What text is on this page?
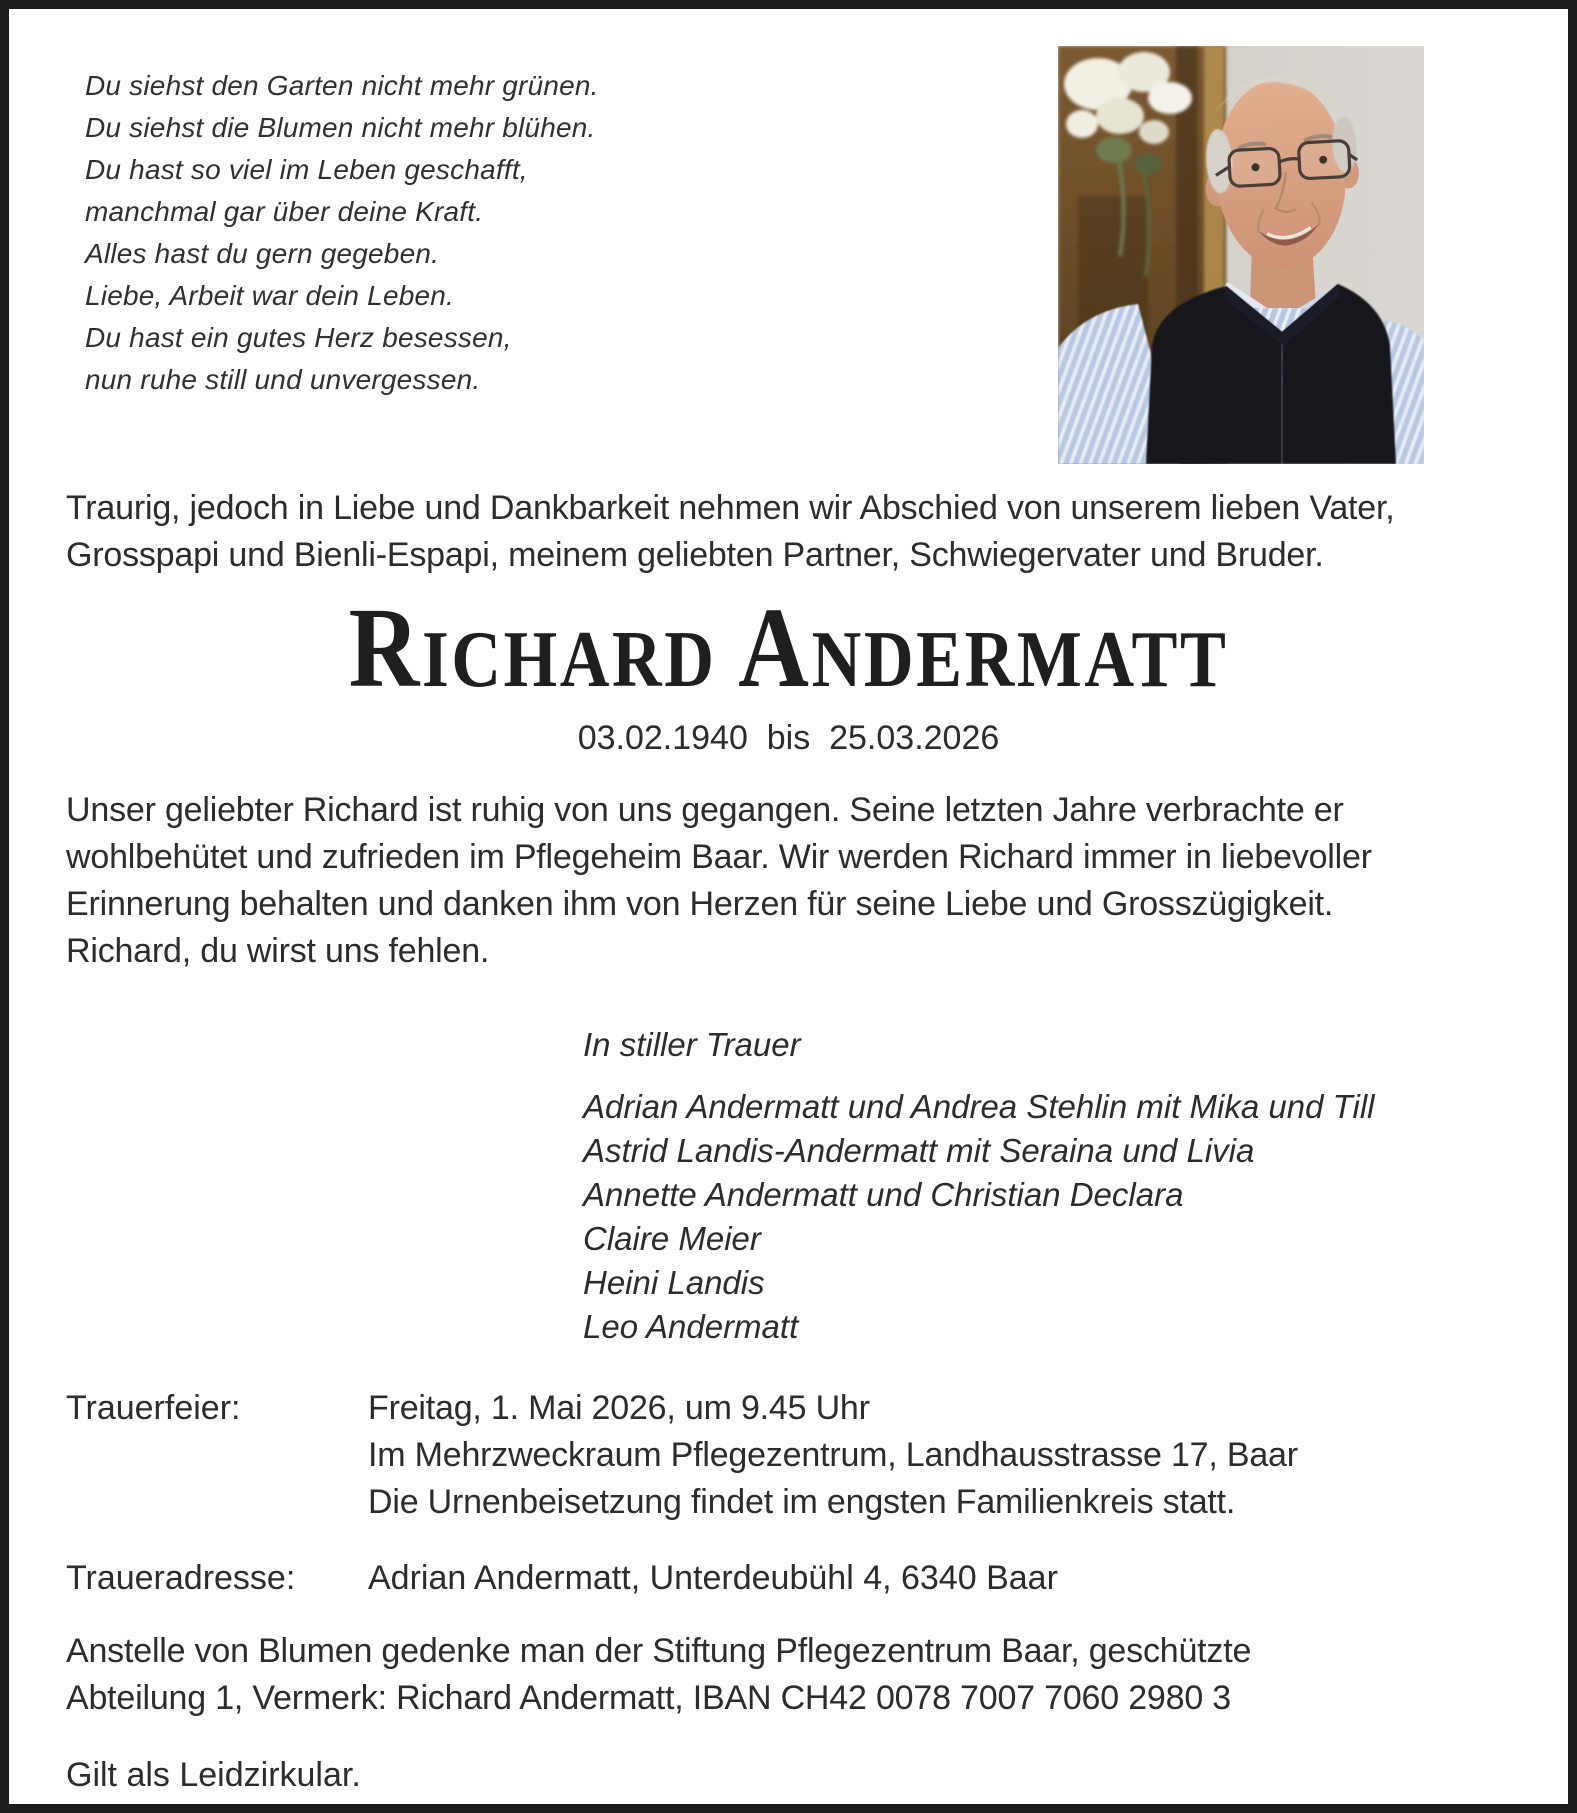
Du siehst den Garten nicht mehr grünen.
Du siehst die Blumen nicht mehr blühen.
Du hast so viel im Leben geschafft,
manchmal gar über deine Kraft.
Alles hast du gern gegeben.
Liebe, Arbeit war dein Leben.
Du hast ein gutes Herz besessen,
nun ruhe still und unvergessen.
Traurig, jedoch in Liebe und Dankbarkeit nehmen wir Abschied von unserem lieben Vater,
Grosspapi und Bienli-Espapi, meinem geliebten Partner, Schwiegervater und Bruder.
Richard Andermatt
03.02.1940  bis  25.03.2026
Unser geliebter Richard ist ruhig von uns gegangen. Seine letzten Jahre verbrachte er
wohlbehütet und zufrieden im Pflegeheim Baar. Wir werden Richard immer in liebevoller
Erinnerung behalten und danken ihm von Herzen für seine Liebe und Grosszügigkeit.
Richard, du wirst uns fehlen.
In stiller Trauer
Adrian Andermatt und Andrea Stehlin mit Mika und Till
Astrid Landis-Andermatt mit Seraina und Livia
Annette Andermatt und Christian Declara
Claire Meier
Heini Landis
Leo Andermatt
Trauerfeier:	Freitag, 1. Mai 2026, um 9.45 Uhr
Im Mehrzweckraum Pflegezentrum, Landhausstrasse 17, Baar
Die Urnenbeisetzung findet im engsten Familienkreis statt.
Traueradresse: Adrian Andermatt, Unterdeubühl 4, 6340 Baar
Anstelle von Blumen gedenke man der Stiftung Pflegezentrum Baar, geschützte
Abteilung 1, Vermerk: Richard Andermatt, IBAN CH42 0078 7007 7060 2980 3
Gilt als Leidzirkular.
